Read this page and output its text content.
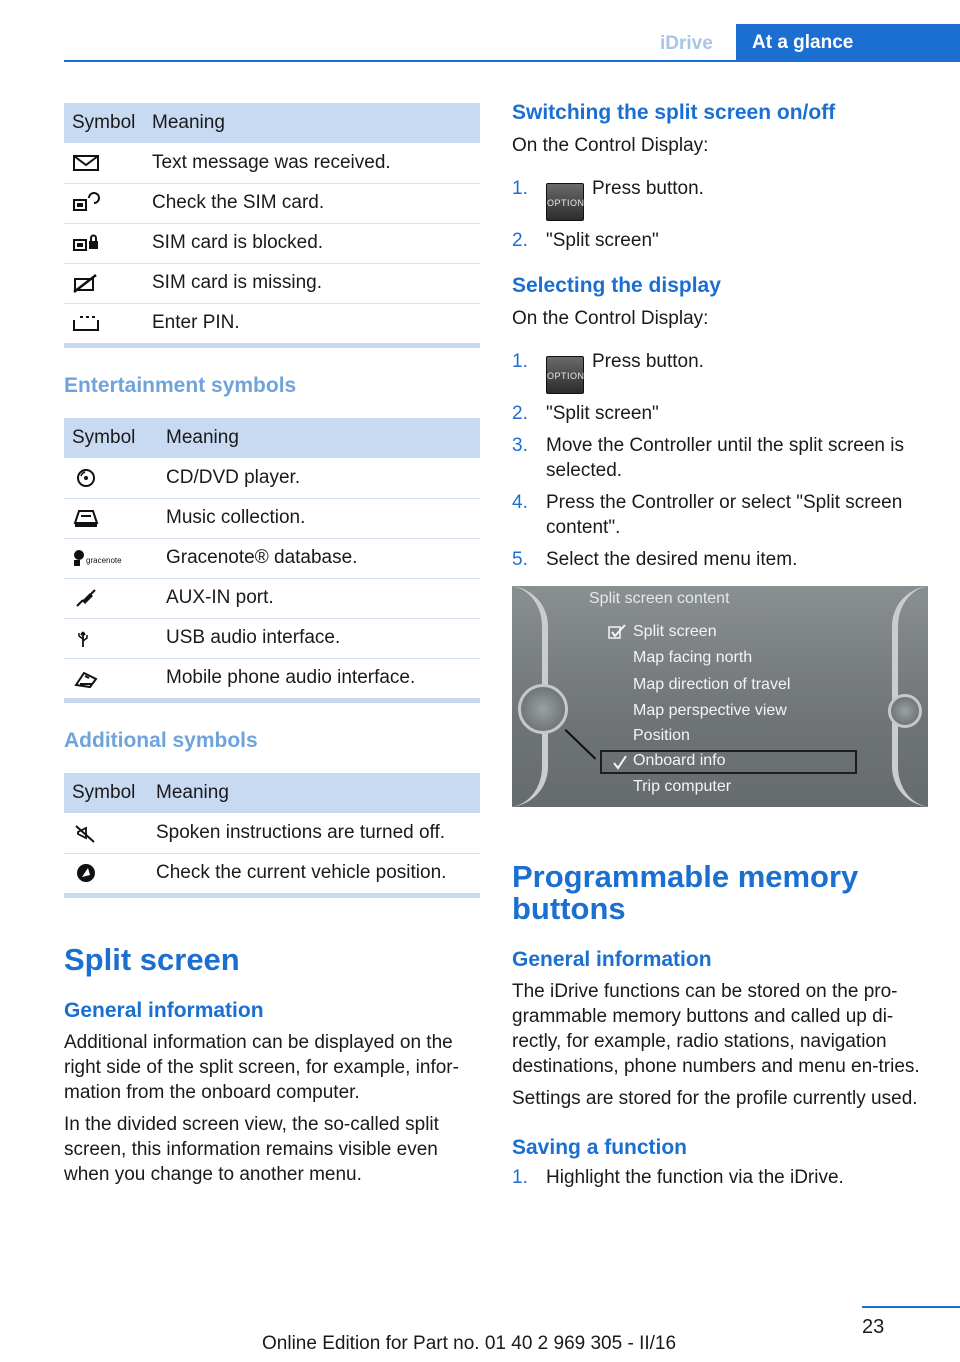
iDrive	At a glance
Symbol	Meaning
	Text message was received.
	Check the SIM card.
	SIM card is blocked.
	SIM card is missing.
	Enter PIN.
Entertainment symbols
Symbol	Meaning
	CD/DVD player.
	Music collection.

gracenote	Gracenote® database.
	AUX-IN port.
	USB audio interface.
	Mobile phone audio interface.
Additional symbols
Symbol	Meaning
	Spoken instructions are turned off.
	Check the current vehicle position.
Split screen
General information
Additional information can be displayed on the right side of the split screen, for example, infor-mation from the onboard computer.
In the divided screen view, the so-called split screen, this information remains visible even when you change to another menu.
Switching the split screen on/off
On the Control Display:
1.
OPTIONPress button.
2. "Split screen"
Selecting the display
On the Control Display:
1.
OPTIONPress button.
2. "Split screen"
3. Move the Controller until the split screen is selected.
4. Press the Controller or select "Split screen content".
5. Select the desired menu item.
Split screen content
Split screen
Map facing north
Map direction of travel
Map perspective view
Position
Onboard info
Trip computer
Programmable memory buttons
General information
The iDrive functions can be stored on the pro-grammable memory buttons and called up di-rectly, for example, radio stations, navigation destinations, phone numbers and menu en-tries.
Settings are stored for the profile currently used.
Saving a function
1. Highlight the function via the iDrive.
23
Online Edition for Part no. 01 40 2 969 305 - II/16
